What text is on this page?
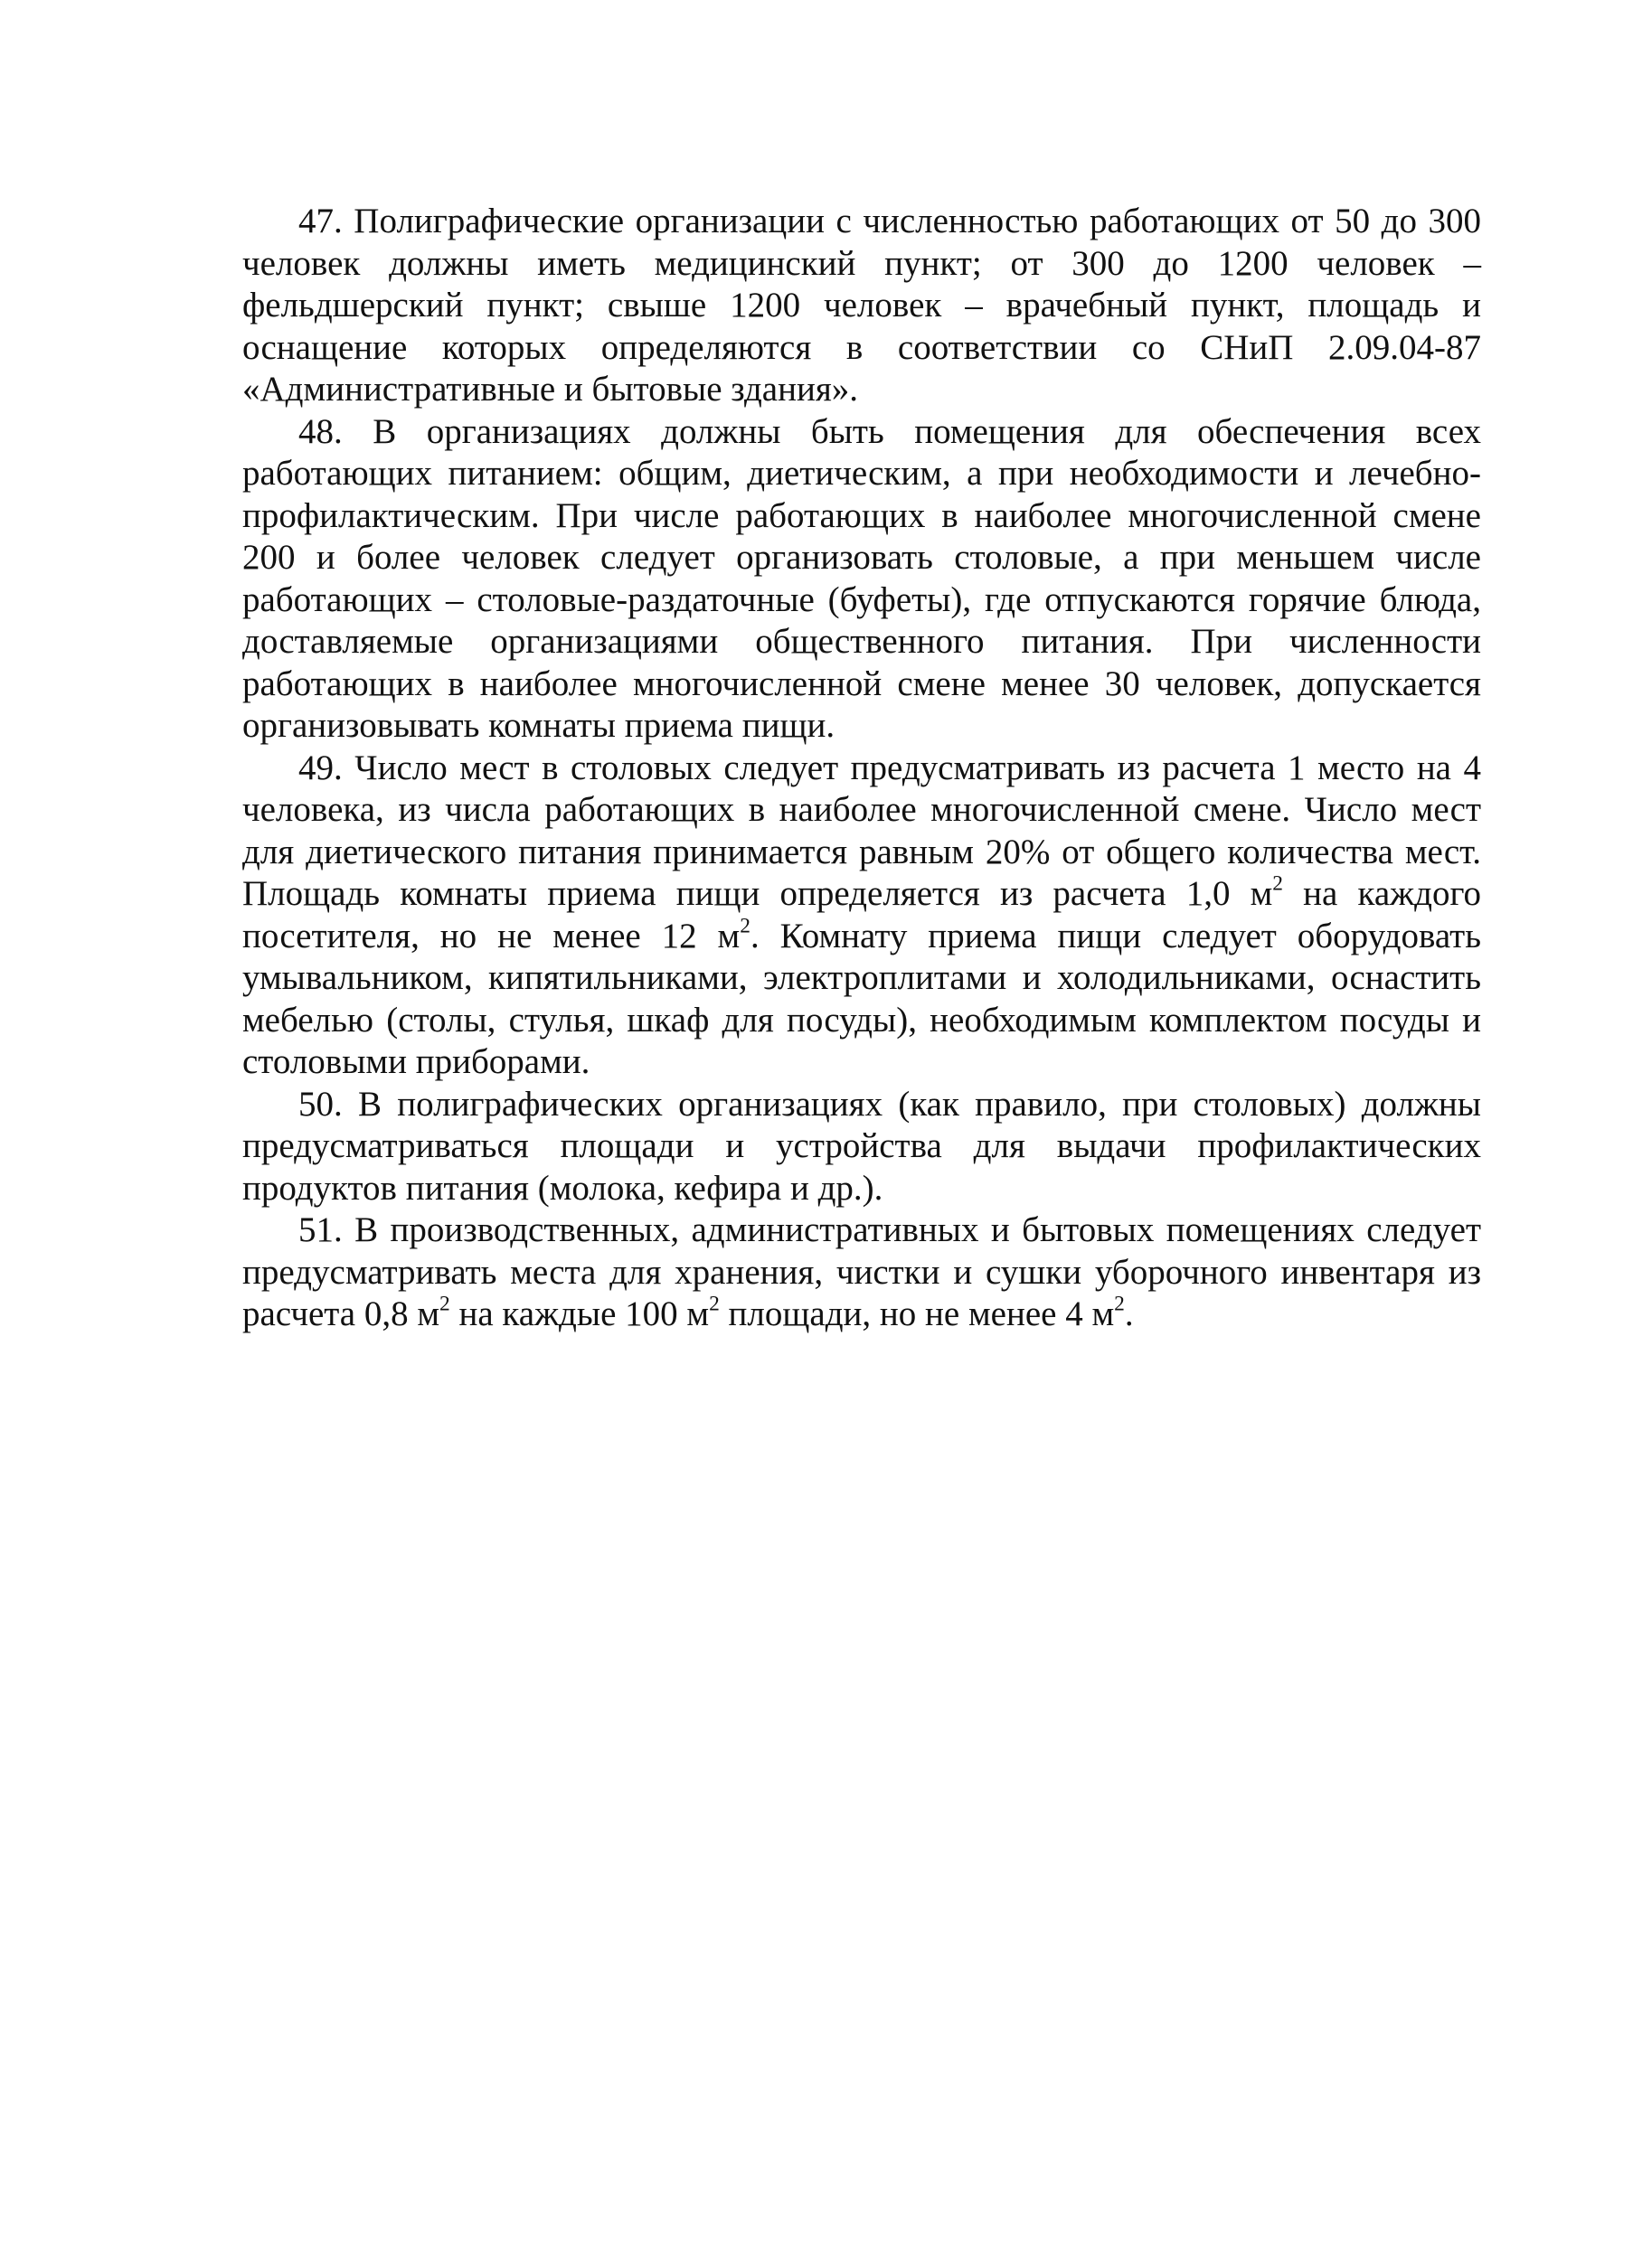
47. Полиграфические организации с численностью работающих от 50 до 300 человек должны иметь медицинский пункт; от 300 до 1200 человек – фельдшерский пункт; свыше 1200 человек – врачебный пункт, площадь и оснащение которых определяются в соответствии со СНиП 2.09.04-87 «Административные и бытовые здания».

48. В организациях должны быть помещения для обеспечения всех работающих питанием: общим, диетическим, а при необходимости и лечебно-профилактическим. При числе работающих в наиболее многочисленной смене 200 и более человек следует организовать столовые, а при меньшем числе работающих – столовые-раздаточные (буфеты), где отпускаются горячие блюда, доставляемые организациями общественного питания. При численности работающих в наиболее многочисленной смене менее 30 человек, допускается организовывать комнаты приема пищи.

49. Число мест в столовых следует предусматривать из расчета 1 место на 4 человека, из числа работающих в наиболее многочисленной смене. Число мест для диетического питания принимается равным 20% от общего количества мест. Площадь комнаты приема пищи определяется из расчета 1,0 $м^2$ на каждого посетителя, но не менее 12 $м^2$. Комнату приема пищи следует оборудовать умывальником, кипятильниками, электроплитами и холодильниками, оснастить мебелью (столы, стулья, шкаф для посуды), необходимым комплектом посуды и столовыми приборами.

50. В полиграфических организациях (как правило, при столовых) должны предусматриваться площади и устройства для выдачи профилактических продуктов питания (молока, кефира и др.).

51. В производственных, административных и бытовых помещениях следует предусматривать места для хранения, чистки и сушки уборочного инвентаря из расчета 0,8 $м^2$ на каждые 100 $м^2$ площади, но не менее 4 $м^2$.
